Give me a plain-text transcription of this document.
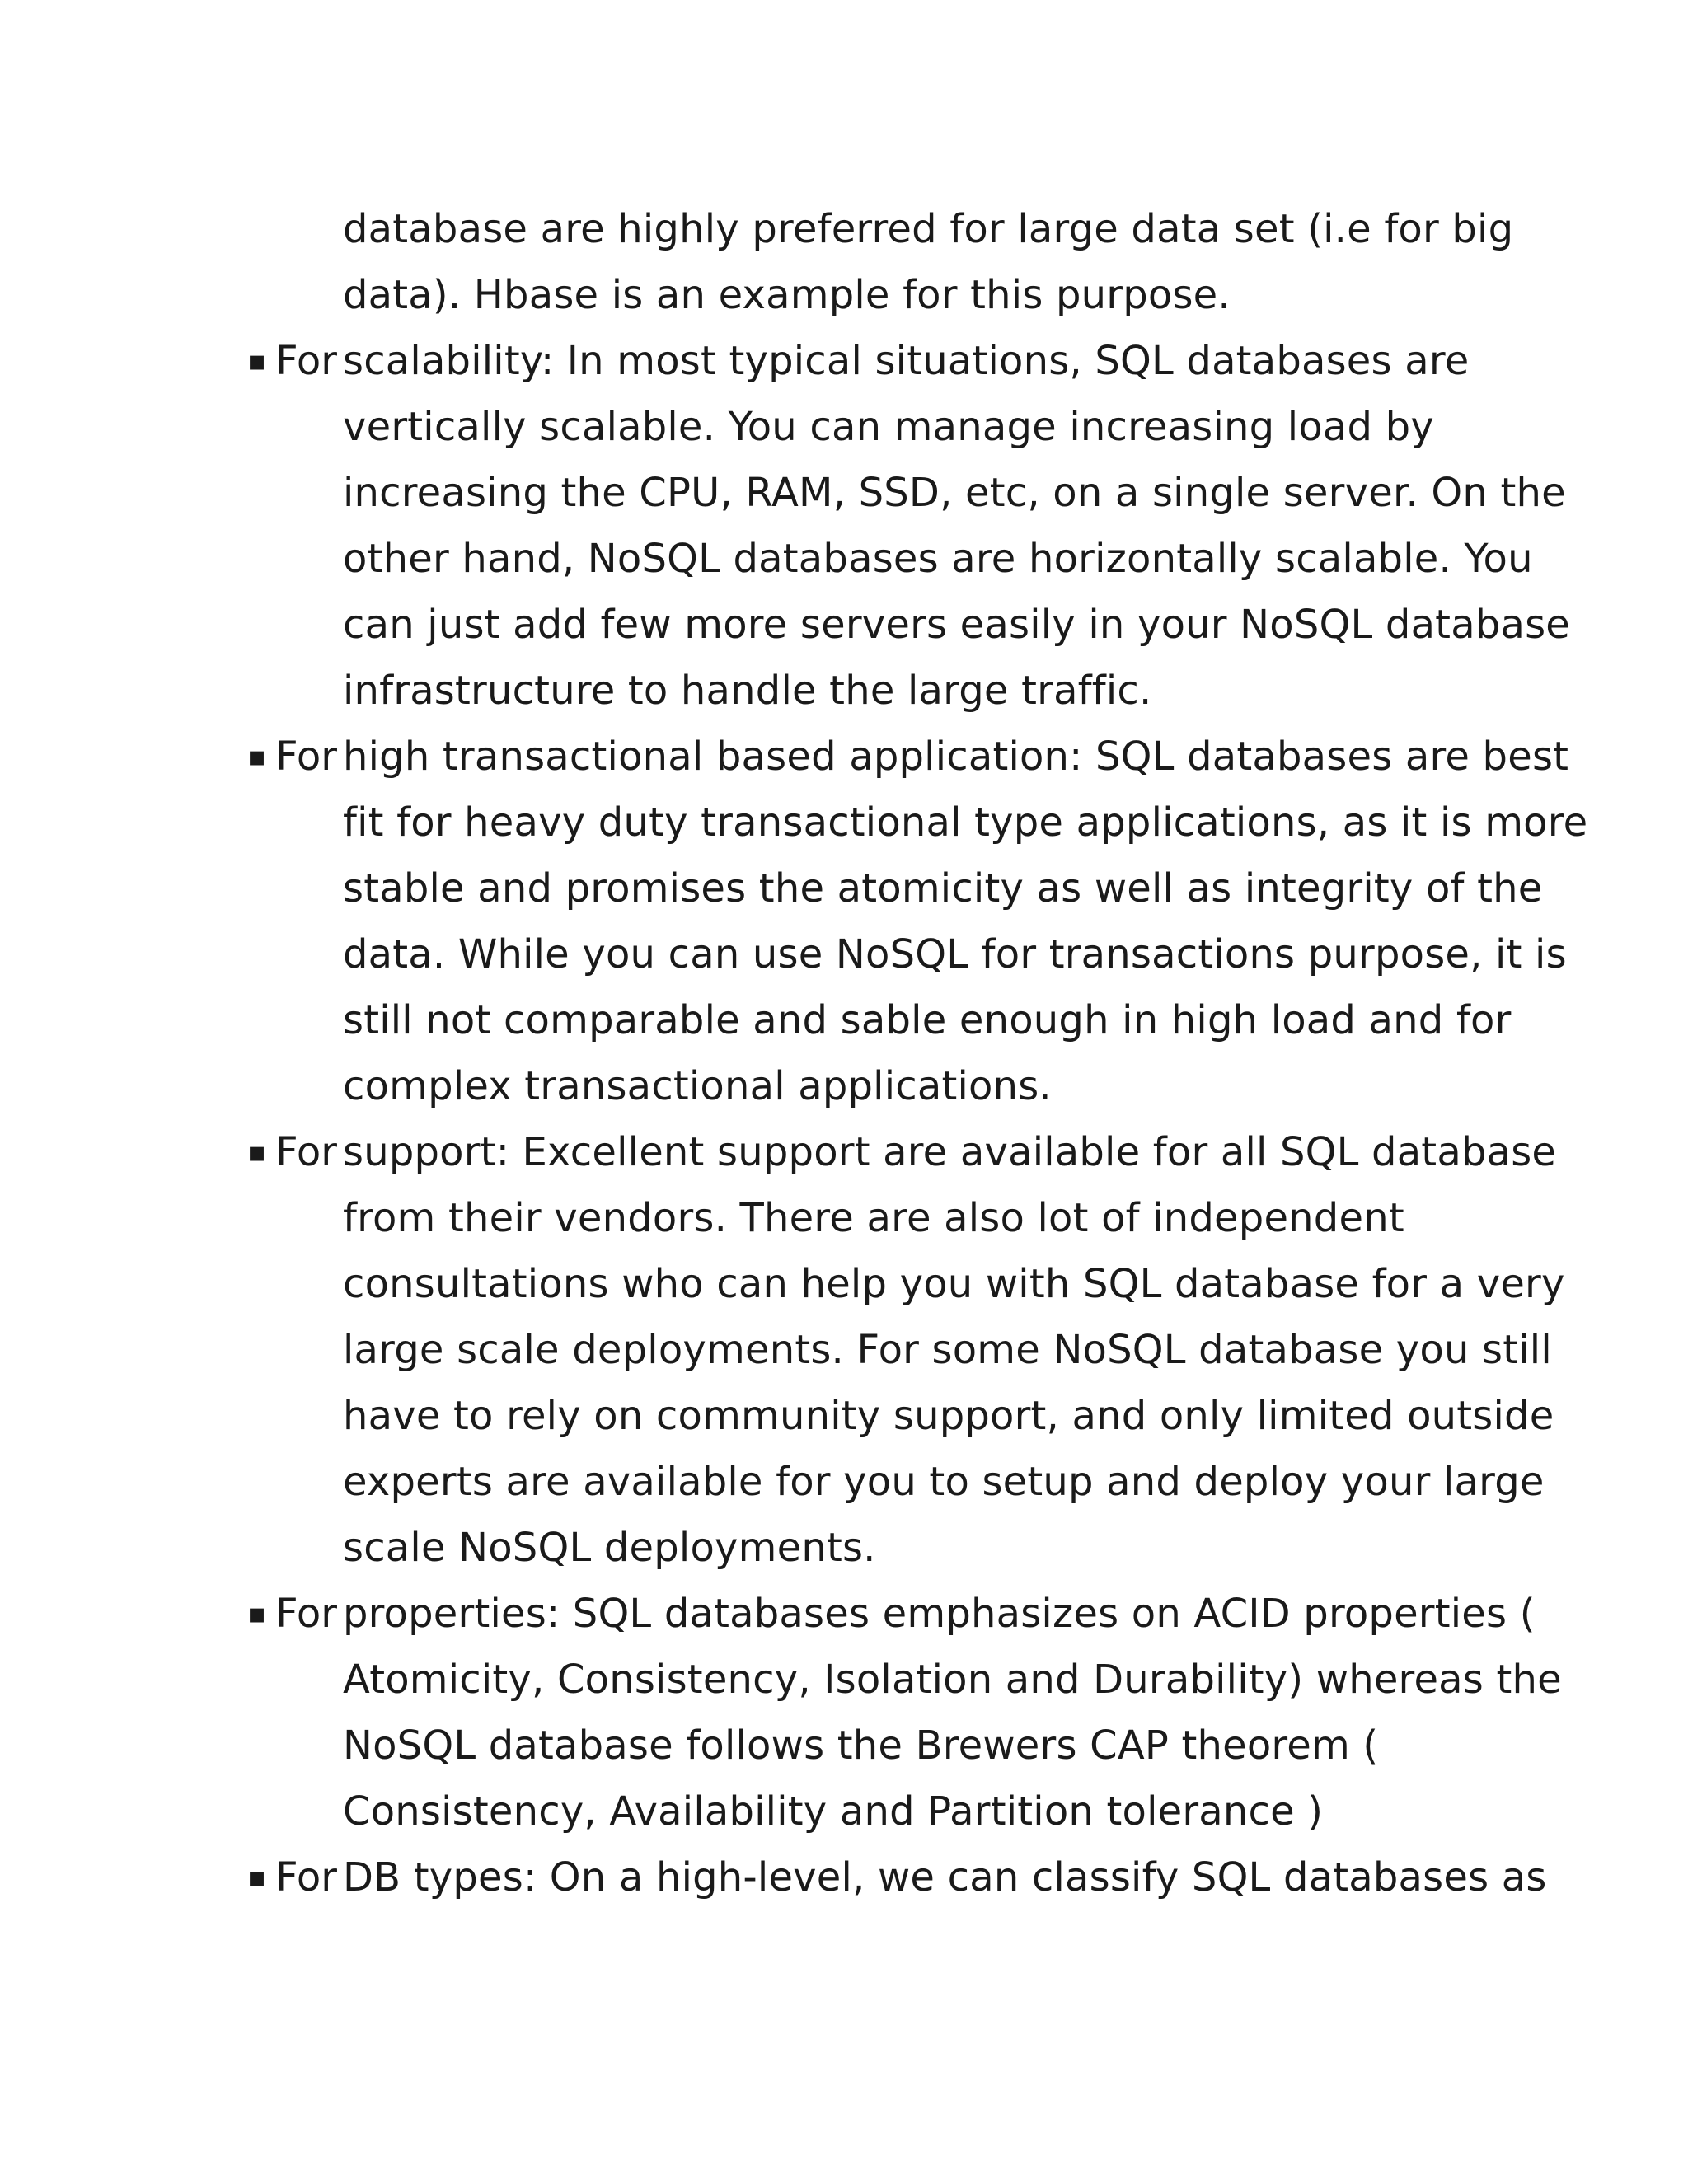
database are highly preferred for large data set (i.e for big
data). Hbase is an example for this purpose.
▪ For scalability: In most typical situations, SQL databases are
vertically scalable. You can manage increasing load by
increasing the CPU, RAM, SSD, etc, on a single server. On the
other hand, NoSQL databases are horizontally scalable. You
can just add few more servers easily in your NoSQL database
infrastructure to handle the large traffic.
▪ For high transactional based application: SQL databases are best
fit for heavy duty transactional type applications, as it is more
stable and promises the atomicity as well as integrity of the
data. While you can use NoSQL for transactions purpose, it is
still not comparable and sable enough in high load and for
complex transactional applications.
▪ For support: Excellent support are available for all SQL database
from their vendors. There are also lot of independent
consultations who can help you with SQL database for a very
large scale deployments. For some NoSQL database you still
have to rely on community support, and only limited outside
experts are available for you to setup and deploy your large
scale NoSQL deployments.
▪ For properties: SQL databases emphasizes on ACID properties (
Atomicity, Consistency, Isolation and Durability) whereas the
NoSQL database follows the Brewers CAP theorem (
Consistency, Availability and Partition tolerance )
▪ For DB types: On a high-level, we can classify SQL databases as
